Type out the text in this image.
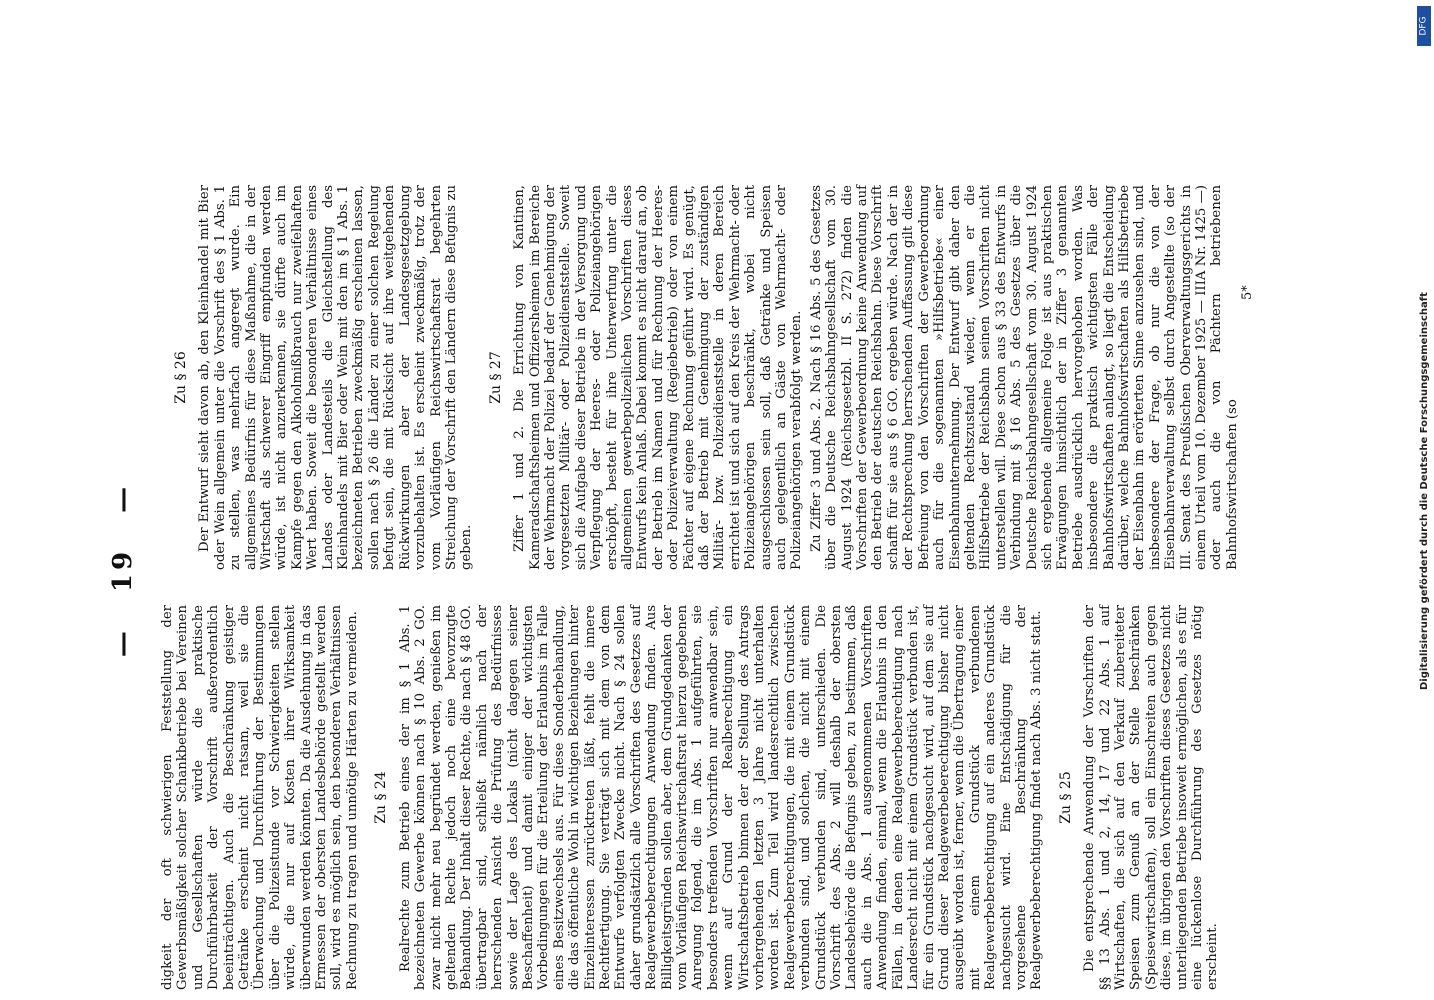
— 19 —

digkeit der oft schwierigen Feststellung der Gewerbsmäßigkeit solcher Schankbetriebe bei Vereinen und Gesellschaften würde die praktische Durchführbarkeit der Vorschrift außerordentlich beeinträchtigen. Auch die Beschränkung geistiger Getränke erscheint nicht ratsam, weil sie die Überwachung und Durchführung der Bestimmungen über die Polizeistunde vor Schwierigkeiten stellen würde, die nur auf Kosten ihrer Wirksamkeit überwunden werden könnten. Da die Ausdehnung in das Ermessen der obersten Landesbehörde gestellt werden soll, wird es möglich sein, den besonderen Verhältnissen Rechnung zu tragen und unnötige Härten zu vermeiden. Zu § 24 Realrechte zum Betrieb eines der im § 1 Abs. 1 bezeichneten Gewerbe können nach § 10 Abs. 2 GO. zwar nicht mehr neu begründet werden, genießen im geltenden Rechte jedoch noch eine bevorzugte Behandlung. Der Inhalt dieser Rechte, die nach § 48 GO. übertragbar sind, schließt nämlich nach der herrschenden Ansicht die Prüfung des Bedürfnisses sowie der Lage des Lokals (nicht dagegen seiner Beschaffenheit) und damit einiger der wichtigsten Vorbedingungen für die Erteilung der Erlaubnis im Falle eines Besitzwechsels aus. Für diese Sonderbehandlung, die das öffentliche Wohl in wichtigen Beziehungen hinter Einzelinteressen zurücktreten läßt, fehlt die innere Rechtfertigung. Sie verträgt sich mit dem von dem Entwurfe verfolgten Zwecke nicht. Nach § 24 sollen daher grundsätzlich alle Vorschriften des Gesetzes auf Realgewerbeberechtigungen Anwendung finden. Aus Billigkeitsgründen sollen aber, dem Grundgedanken der vom Vorläufigen Reichswirtschaftsrat hierzu gegebenen Anregung folgend, die im Abs. 1 aufgeführten, sie besonders treffenden Vorschriften nur anwendbar sein, wenn auf Grund der Realberechtigung ein Wirtschaftsbetrieb binnen der der Stellung des Antrags vorhergehenden letzten 3 Jahre nicht unterhalten worden ist. Zum Teil wird landesrechtlich zwischen Realgewerbeberechtigungen, die mit einem Grundstück verbunden sind, und solchen, die nicht mit einem Grundstück verbunden sind, unterschieden. Die Vorschrift des Abs. 2 will deshalb der obersten Landesbehörde die Befugnis geben, zu bestimmen, daß auch die in Abs. 1 ausgenommenen Vorschriften Anwendung finden, einmal, wenn die Erlaubnis in den Fällen, in denen eine Realgewerbeberechtigung nach Landesrecht nicht mit einem Grundstück verbunden ist, für ein Grundstück nachgesucht wird, auf dem sie auf Grund dieser Realgewerbeberechtigung bisher nicht ausgeübt worden ist, ferner, wenn die Übertragung einer mit einem Grundstück verbundenen Realgewerbeberechtigung auf ein anderes Grundstück nachgesucht wird. Eine Entschädigung für die vorgesehene Beschränkung der Realgewerbeberechtigung findet nach Abs. 3 nicht statt. Zu § 25 Die entsprechende Anwendung der Vorschriften der §§ 13 Abs. 1 und 2, 14, 17 und 22 Abs. 1 auf Wirtschaften, die sich auf den Verkauf zubereiteter Speisen zum Genuß an der Stelle beschränken (Speisewirtschaften), soll ein Einschreiten auch gegen diese, im übrigen den Vorschriften dieses Gesetzes nicht unterliegenden Betriebe insoweit ermöglichen, als es für eine lückenlose Durchführung des Gesetzes nötig erscheint.

Zu § 26 Der Entwurf sieht davon ab, den Kleinhandel mit Bier oder Wein allgemein unter die Vorschrift des § 1 Abs. 1 zu stellen, was mehrfach angeregt wurde. Ein allgemeines Bedürfnis für diese Maßnahme, die in der Wirtschaft als schwerer Eingriff empfunden werden würde, ist nicht anzuerkennen, sie dürfte auch im Kampfe gegen den Alkoholmißbrauch nur zweifelhaften Wert haben. Soweit die besonderen Verhältnisse eines Landes oder Landesteils die Gleichstellung des Kleinhandels mit Bier oder Wein mit den im § 1 Abs. 1 bezeichneten Betrieben zweckmäßig erscheinen lassen, sollen nach § 26 die Länder zu einer solchen Regelung befugt sein, die mit Rücksicht auf ihre weitgehenden Rückwirkungen aber der Landesgesetzgebung vorzubehalten ist. Es erscheint zweckmäßig, trotz der vom Vorläufigen Reichswirtschaftsrat begehrten Streichung der Vorschrift den Ländern diese Befugnis zu geben.

Zu § 27 Ziffer 1 und 2. Die Errichtung von Kantinen, Kameradschaftsheimen und Offiziersheimen im Bereiche der Wehrmacht der Polizei bedarf der Genehmigung der vorgesetzten Militär- oder Polizeidienststelle. Soweit sich die Aufgabe dieser Betriebe in der Versorgung und Verpflegung der Heeres- oder Polizeiangehörigen erschöpft, besteht für ihre Unterwerfung unter die allgemeinen gewerbepolizeilichen Vorschriften dieses Entwurfs kein Anlaß. Dabei kommt es nicht darauf an, ob der Betrieb im Namen und für Rechnung der Heeres- oder Polizeiverwaltung (Regiebetrieb) oder von einem Pächter auf eigene Rechnung geführt wird. Es genügt, daß der Betrieb mit Genehmigung der zuständigen Militär- bzw. Polizeidienststelle in deren Bereich errichtet ist und sich auf den Kreis der Wehrmacht- oder Polizeiangehörigen beschränkt, wobei nicht ausgeschlossen sein soll, daß Getränke und Speisen auch gelegentlich an Gäste von Wehrmacht- oder Polizeiangehörigen verabfolgt werden. Zu Ziffer 3 und Abs. 2. Nach § 16 Abs. 5 des Gesetzes über die Deutsche Reichsbahngesellschaft vom 30. August 1924 (Reichsgesetzbl. II S. 272) finden die Vorschriften der Gewerbeordnung keine Anwendung auf den Betrieb der deutschen Reichsbahn. Diese Vorschrift schafft für sie aus § 6 GO. ergeben würde. Nach der in der Rechtsprechung herrschenden Auffassung gilt diese Befreiung von den Vorschriften der Gewerbeordnung auch für die sogenannten »Hilfsbetriebe« einer Eisenbahnunternehmung. Der Entwurf gibt daher den geltenden Rechtszustand wieder, wenn er die Hilfsbetriebe der Reichsbahn seinen Vorschriften nicht unterstellen will. Diese schon aus § 33 des Entwurfs in Verbindung mit § 16 Abs. 5 des Gesetzes über die Deutsche Reichsbahngesellschaft vom 30. August 1924 sich ergebende allgemeine Folge ist aus praktischen Erwägungen hinsichtlich der in Ziffer 3 genannten Betriebe ausdrücklich hervorgehoben worden. Was insbesondere die praktisch wichtigsten Fälle der Bahnhofswirtschaften anlangt, so liegt die Entscheidung darüber, welche Bahnhofswirtschaften als Hilfsbetriebe der Eisenbahn im erörterten Sinne anzusehen sind, und insbesondere der Frage, ob nur die von der Eisenbahnverwaltung selbst durch Angestellte (so der III. Senat des Preußischen Oberverwaltungsgerichts in einem Urteil vom 10. Dezember 1925 — IIIA Nr. 1425 —) oder auch die von Pächtern betriebenen Bahnhofswirtschaften (so

5*
DFG
Digitalisierung gefördert durch die Deutsche Forschungsgemeinschaft
